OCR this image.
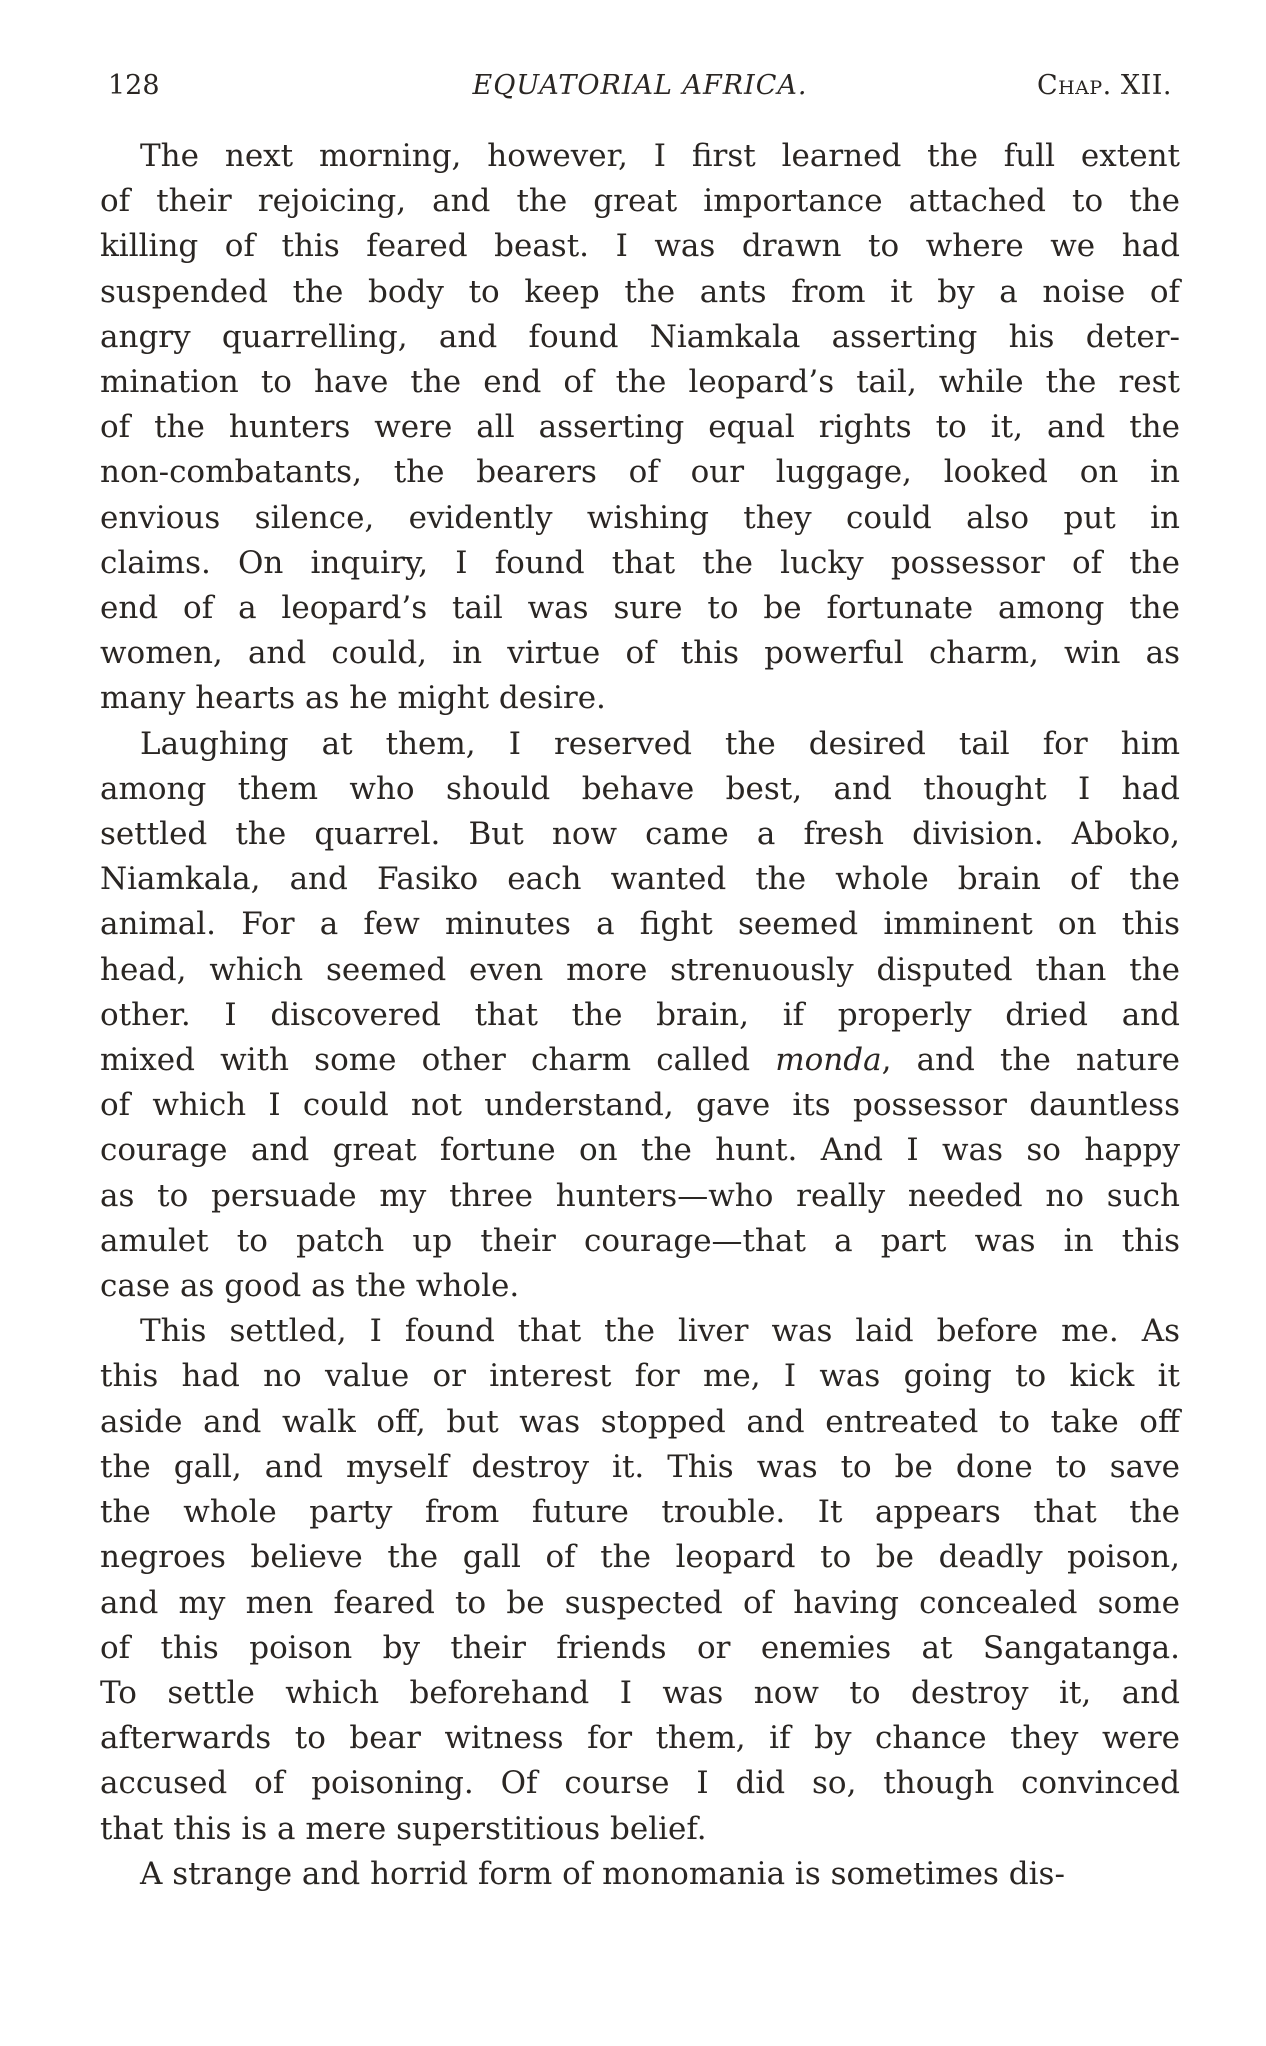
128	EQUATORIAL AFRICA.	Chap. XII.

The next morning, however, I first learned the full extent
of their rejoicing, and the great importance attached to the
killing of this feared beast. I was drawn to where we had
suspended the body to keep the ants from it by a noise of
angry quarrelling, and found Niamkala asserting his deter-
mination to have the end of the leopard’s tail, while the rest
of the hunters were all asserting equal rights to it, and the
non-combatants, the bearers of our luggage, looked on in
envious silence, evidently wishing they could also put in
claims. On inquiry, I found that the lucky possessor of the
end of a leopard’s tail was sure to be fortunate among the
women, and could, in virtue of this powerful charm, win as
many hearts as he might desire.

Laughing at them, I reserved the desired tail for him
among them who should behave best, and thought I had
settled the quarrel. But now came a fresh division. Aboko,
Niamkala, and Fasiko each wanted the whole brain of the
animal. For a few minutes a fight seemed imminent on this
head, which seemed even more strenuously disputed than the
other. I discovered that the brain, if properly dried and
mixed with some other charm called monda, and the nature
of which I could not understand, gave its possessor dauntless
courage and great fortune on the hunt. And I was so happy
as to persuade my three hunters—who really needed no such
amulet to patch up their courage—that a part was in this
case as good as the whole.

This settled, I found that the liver was laid before me. As
this had no value or interest for me, I was going to kick it
aside and walk off, but was stopped and entreated to take off
the gall, and myself destroy it. This was to be done to save
the whole party from future trouble. It appears that the
negroes believe the gall of the leopard to be deadly poison,
and my men feared to be suspected of having concealed some
of this poison by their friends or enemies at Sangatanga.
To settle which beforehand I was now to destroy it, and
afterwards to bear witness for them, if by chance they were
accused of poisoning. Of course I did so, though convinced
that this is a mere superstitious belief.

A strange and horrid form of monomania is sometimes dis-
